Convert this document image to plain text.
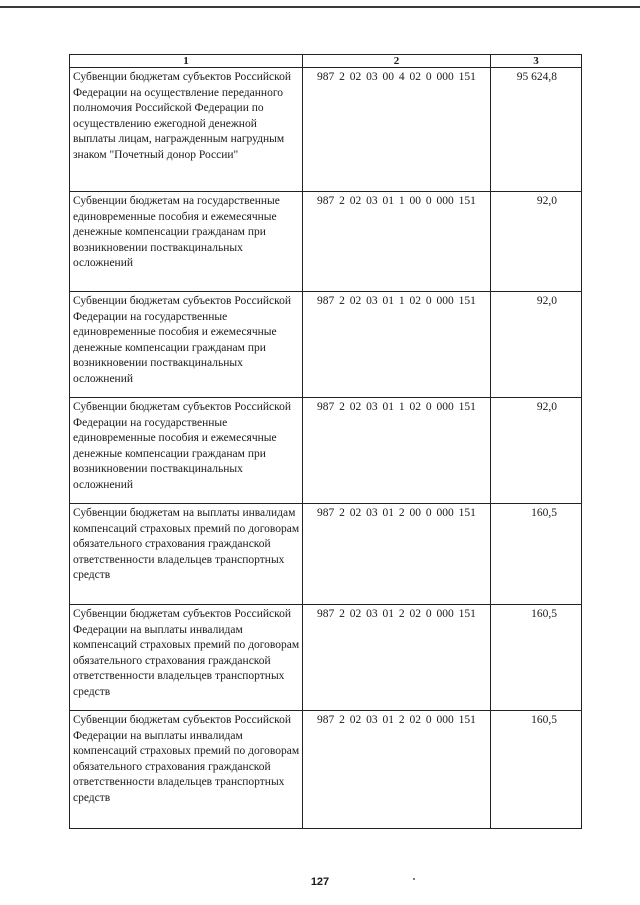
1	2	3
Субвенции бюджетам субъектов Российской Федерации на осуществление переданного полномочия Российской Федерации по осуществлению ежегодной денежной выплаты лицам, награжденным нагрудным знаком "Почетный донор России"	987 2 02 03 00 4 02 0 000 151	95 624,8
Субвенции бюджетам на государственные единовременные пособия и ежемесячные денежные компенсации гражданам при возникновении поствакцинальных осложнений	987 2 02 03 01 1 00 0 000 151	92,0
Субвенции бюджетам субъектов Российской Федерации на государственные единовременные пособия и ежемесячные денежные компенсации гражданам при возникновении поствакцинальных осложнений	987 2 02 03 01 1 02 0 000 151	92,0
Субвенции бюджетам субъектов Российской Федерации на государственные единовременные пособия и ежемесячные денежные компенсации гражданам при возникновении поствакцинальных осложнений	987 2 02 03 01 1 02 0 000 151	92,0
Субвенции бюджетам на выплаты инвалидам компенсаций страховых премий по договорам обязательного страхования гражданской ответственности владельцев транспортных средств	987 2 02 03 01 2 00 0 000 151	160,5
Субвенции бюджетам субъектов Российской Федерации на выплаты инвалидам компенсаций страховых премий по договорам обязательного страхования гражданской ответственности владельцев транспортных средств	987 2 02 03 01 2 02 0 000 151	160,5
Субвенции бюджетам субъектов Российской Федерации на выплаты инвалидам компенсаций страховых премий по договорам обязательного страхования гражданской ответственности владельцев транспортных средств	987 2 02 03 01 2 02 0 000 151	160,5
127
